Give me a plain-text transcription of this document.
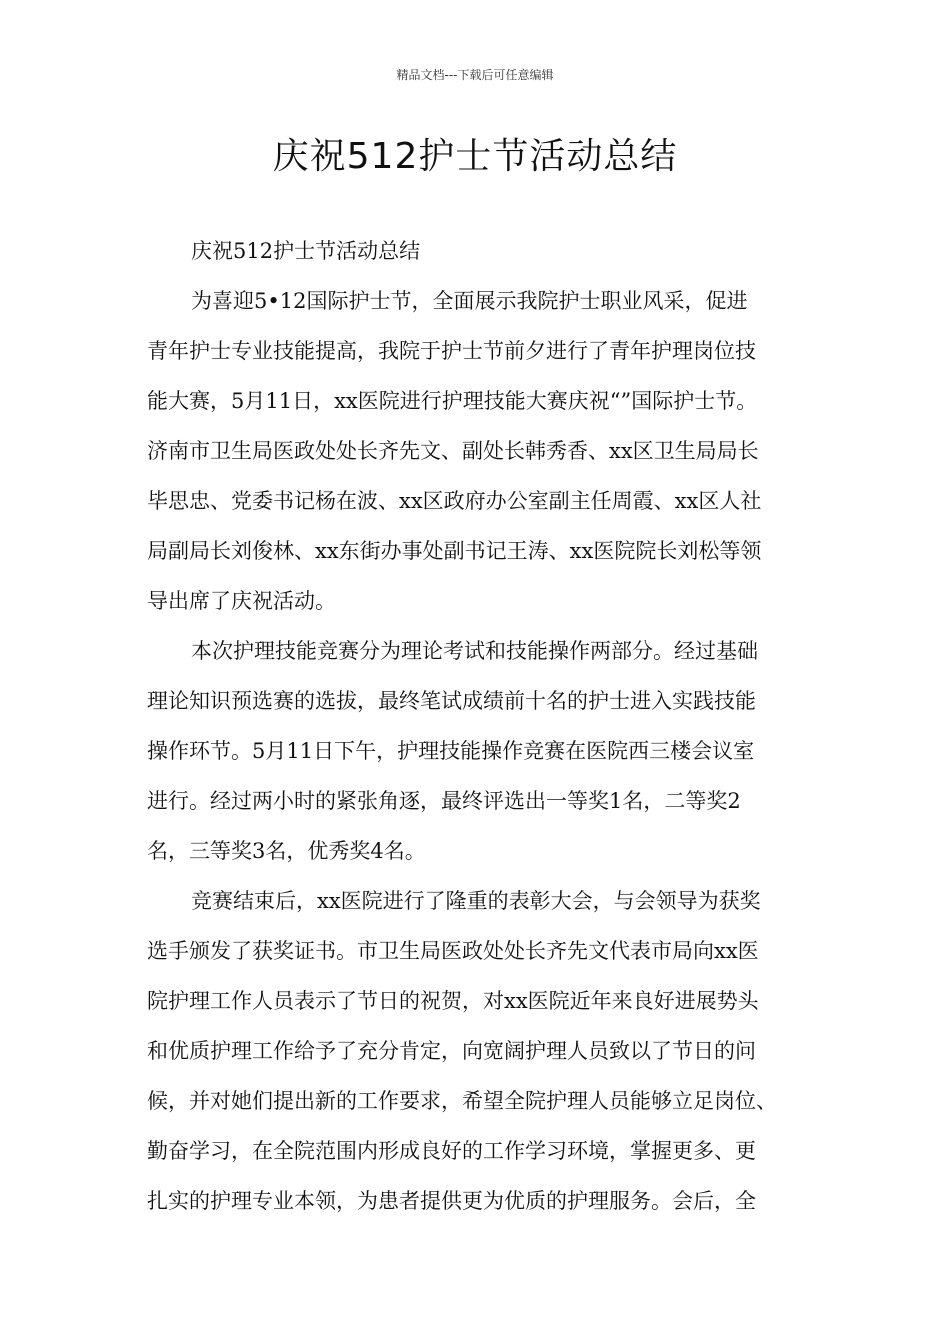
精品文档---下载后可任意编辑
庆祝512护士节活动总结
庆祝512护士节活动总结
为喜迎5•12国际护士节，全面展示我院护士职业风采，促进
青年护士专业技能提高，我院于护士节前夕进行了青年护理岗位技
能大赛，5月11日，xx医院进行护理技能大赛庆祝“”国际护士节。
济南市卫生局医政处处长齐先文、副处长韩秀香、xx区卫生局局长
毕思忠、党委书记杨在波、xx区政府办公室副主任周霞、xx区人社
局副局长刘俊林、xx东街办事处副书记王涛、xx医院院长刘松等领
导出席了庆祝活动。
本次护理技能竞赛分为理论考试和技能操作两部分。经过基础
理论知识预选赛的选拔，最终笔试成绩前十名的护士进入实践技能
操作环节。5月11日下午，护理技能操作竞赛在医院西三楼会议室
进行。经过两小时的紧张角逐，最终评选出一等奖1名，二等奖2
名，三等奖3名，优秀奖4名。
竞赛结束后，xx医院进行了隆重的表彰大会，与会领导为获奖
选手颁发了获奖证书。市卫生局医政处处长齐先文代表市局向xx医
院护理工作人员表示了节日的祝贺，对xx医院近年来良好进展势头
和优质护理工作给予了充分肯定，向宽阔护理人员致以了节日的问
候，并对她们提出新的工作要求，希望全院护理人员能够立足岗位、
勤奋学习，在全院范围内形成良好的工作学习环境，掌握更多、更
扎实的护理专业本领，为患者提供更为优质的护理服务。会后，全
